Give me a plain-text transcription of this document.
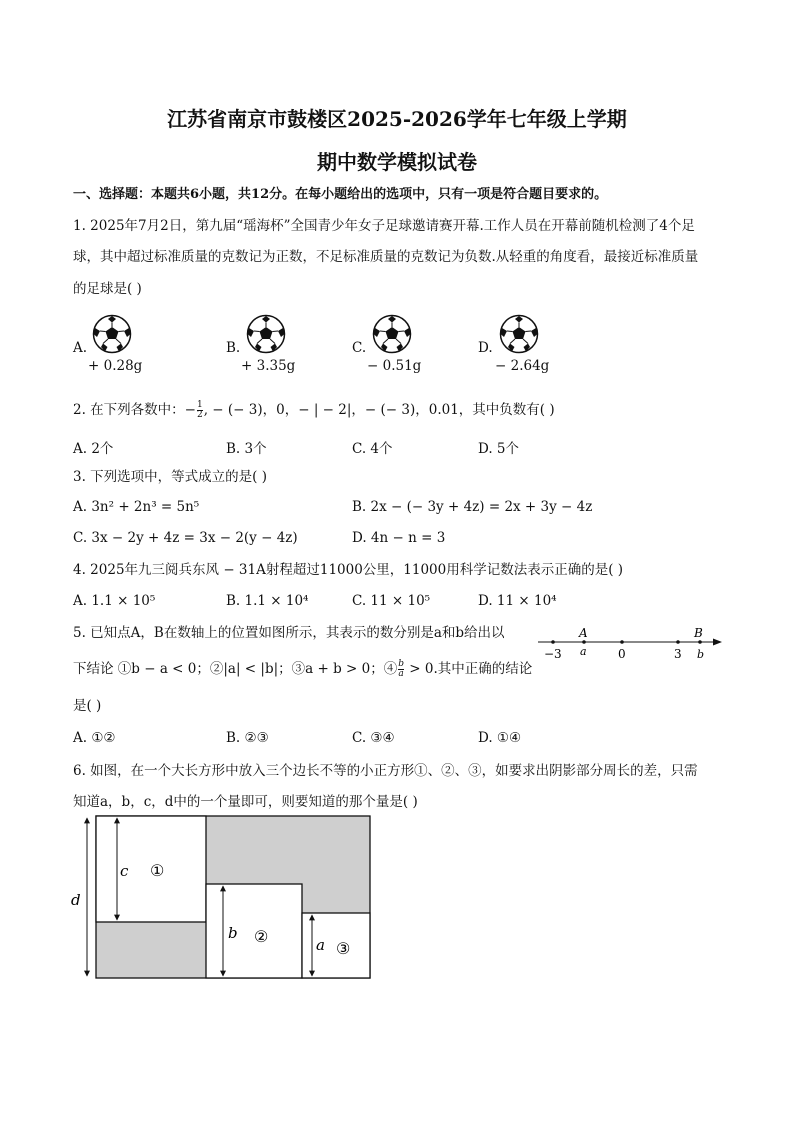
江苏省南京市鼓楼区2025-2026学年七年级上学期
期中数学模拟试卷
一、选择题：本题共6小题，共12分。在每小题给出的选项中，只有一项是符合题目要求的。
1. 2025年7月2日，第九届“瑶海杯”全国青少年女子足球邀请赛开幕.工作人员在开幕前随机检测了4个足
球，其中超过标准质量的克数记为正数，不足标准质量的克数记为负数.从轻重的角度看，最接近标准质量
的足球是( )
A.
+ 0.28g
B.
+ 3.35g
C.
− 0.51g
D.
− 2.64g
2. 在下列各数中：− $\frac{1}{2}$ , − (− 3)，0，− | − 2|，− (− 3)，0.01，其中负数有( )
A. 2个	B. 3个	C. 4个	D. 5个
3. 下列选项中，等式成立的是( )
A. 3n² + 2n³ = 5n⁵	B. 2x − (− 3y + 4z) = 2x + 3y − 4z
C. 3x − 2y + 4z = 3x − 2(y − 4z)	D. 4n − n = 3
4. 2025年九三阅兵东风 − 31A射程超过11000公里，11000用科学记数法表示正确的是( )
A. 1.1 × 10⁵	B. 1.1 × 10⁴	C. 11 × 10⁵	D. 11 × 10⁴
5. 已知点A，B在数轴上的位置如图所示，其表示的数分别是a和b给出以
下结论 ①b − a < 0；②|a| < |b|；③a + b > 0；④ $\frac{b}{a} > 0$.其中正确的结论
是( )
A	B
−3 a	0	3 b
A. ①②	B. ②③	C. ③④	D. ①④
6. 如图，在一个大长方形中放入三个边长不等的小正方形①、②、③，如要求出阴影部分周长的差，只需
知道a，b，c，d中的一个量即可，则要知道的那个量是( )
d
c ①
b ②	a ③
